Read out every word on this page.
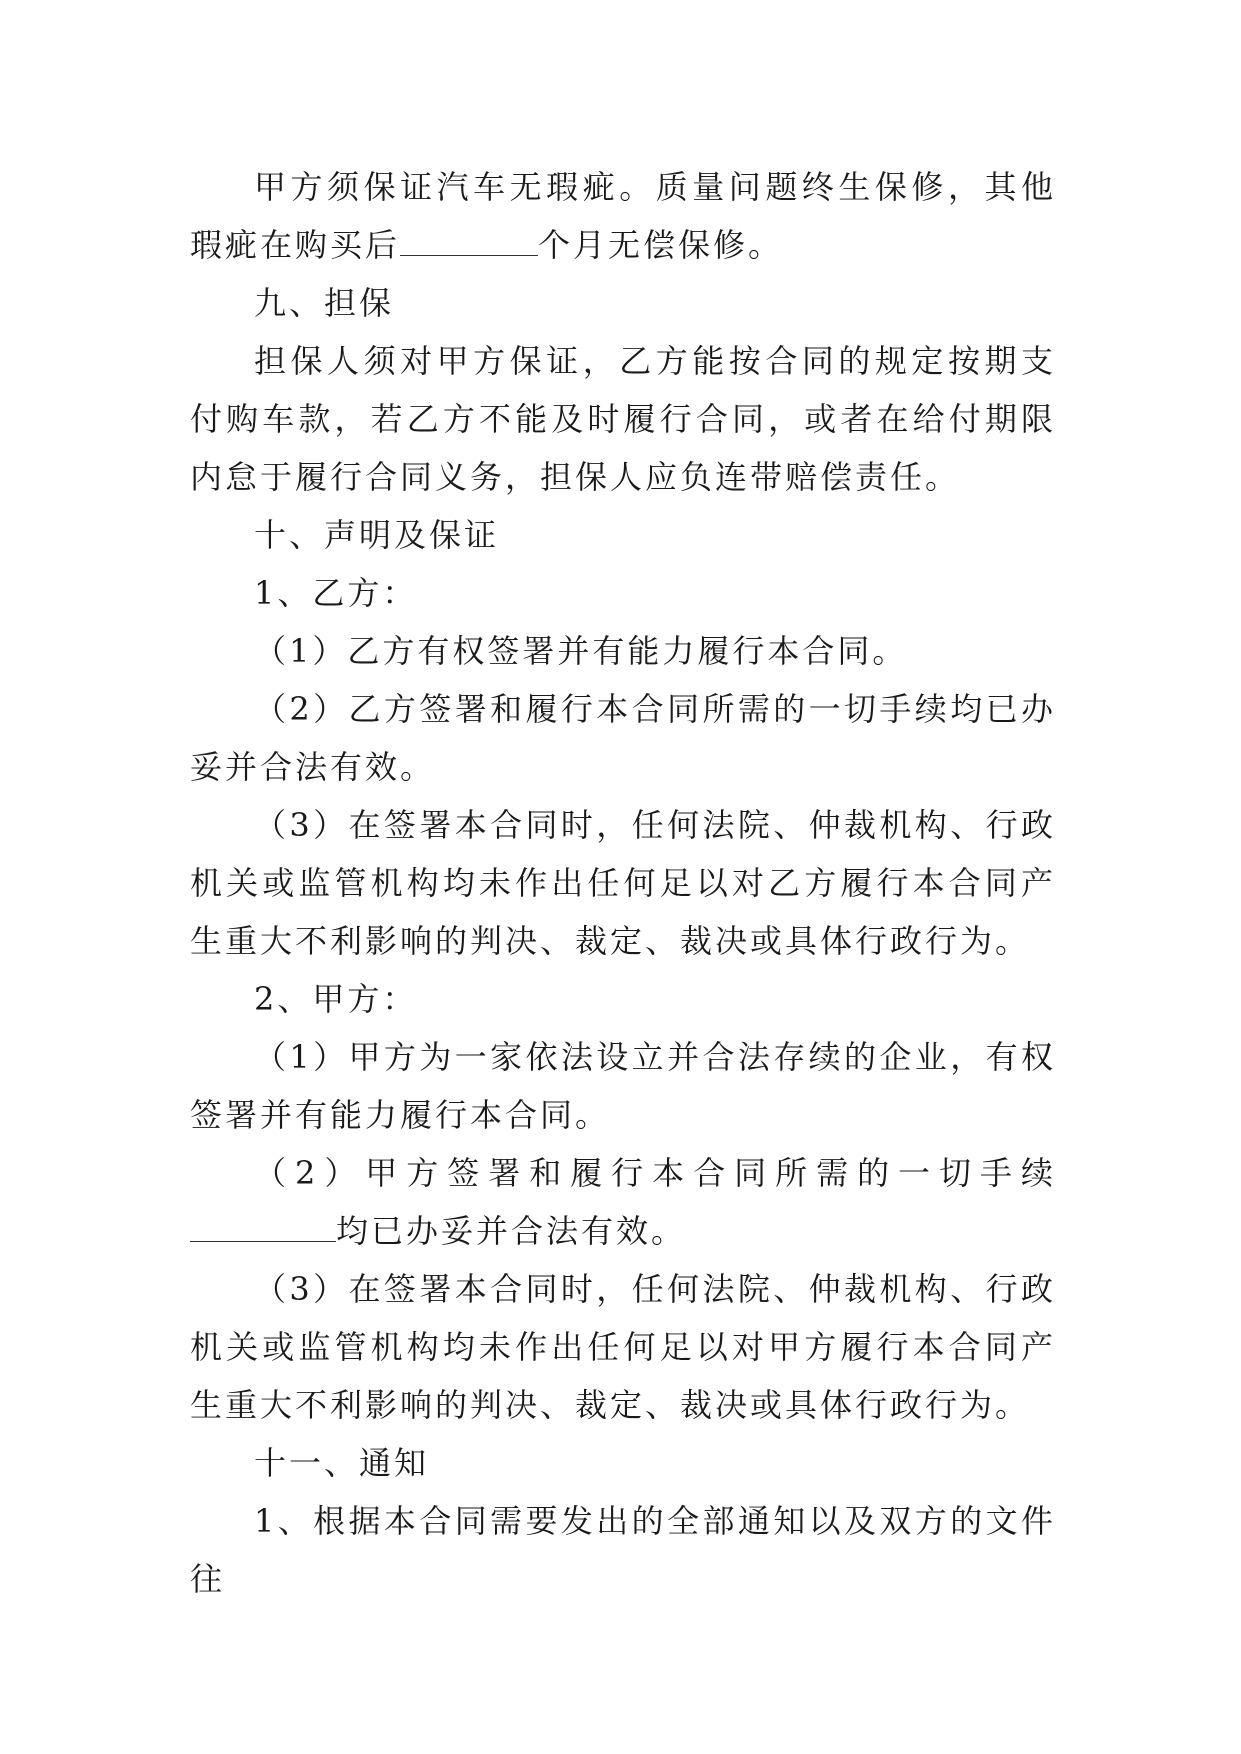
甲方须保证汽车无瑕疵。质量问题终生保修，其他瑕疵在购买后	个月无偿保修。

九、担保

担保人须对甲方保证，乙方能按合同的规定按期支付购车款，若乙方不能及时履行合同，或者在给付期限内怠于履行合同义务，担保人应负连带赔偿责任。

十、声明及保证

1、乙方：

（1）乙方有权签署并有能力履行本合同。

（2）乙方签署和履行本合同所需的一切手续均已办妥并合法有效。

（3）在签署本合同时，任何法院、仲裁机构、行政机关或监管机构均未作出任何足以对乙方履行本合同产生重大不利影响的判决、裁定、裁决或具体行政行为。

2、甲方：

（1）甲方为一家依法设立并合法存续的企业，有权签署并有能力履行本合同。

（2）甲方签署和履行本合同所需的一切手续均已办妥并合法有效。

（3）在签署本合同时，任何法院、仲裁机构、行政机关或监管机构均未作出任何足以对甲方履行本合同产生重大不利影响的判决、裁定、裁决或具体行政行为。

十一、通知

1、根据本合同需要发出的全部通知以及双方的文件往
